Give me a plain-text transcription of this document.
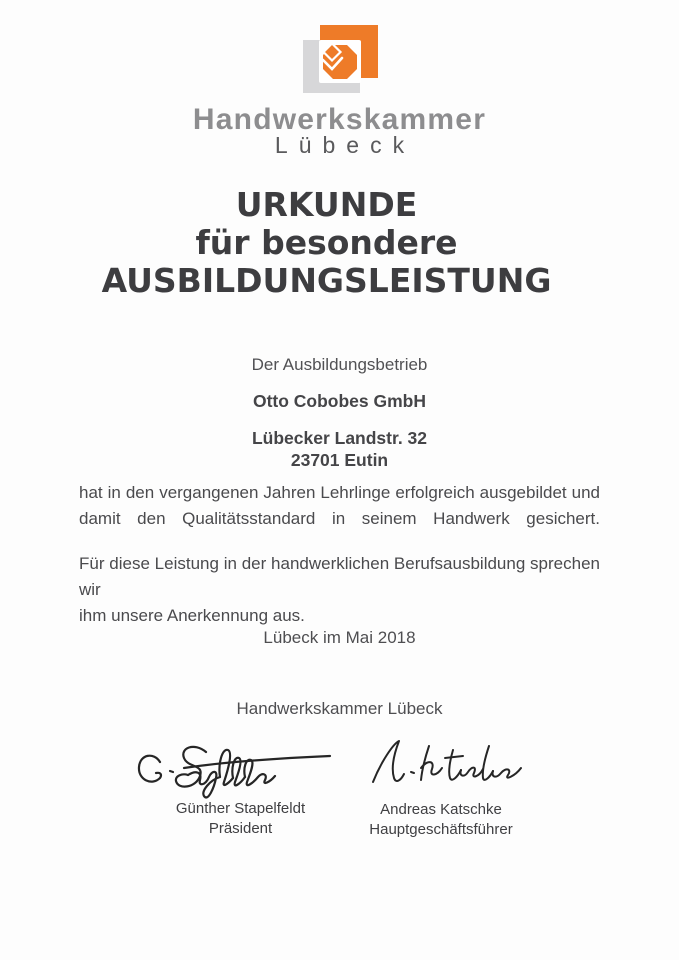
Handwerkskammer
Lübeck
URKUNDE
für besondere
AUSBILDUNGSLEISTUNG
Der Ausbildungsbetrieb
Otto Cobobes GmbH
Lübecker Landstr. 32
23701 Eutin
hat in den vergangenen Jahren Lehrlinge erfolgreich ausgebildet und
damit den Qualitätsstandard in seinem Handwerk gesichert.
Für diese Leistung in der handwerklichen Berufsausbildung sprechen wir
ihm unsere Anerkennung aus.
Lübeck im Mai 2018
Handwerkskammer Lübeck
Günther Stapelfeldt
Präsident
Andreas Katschke
Hauptgeschäftsführer
